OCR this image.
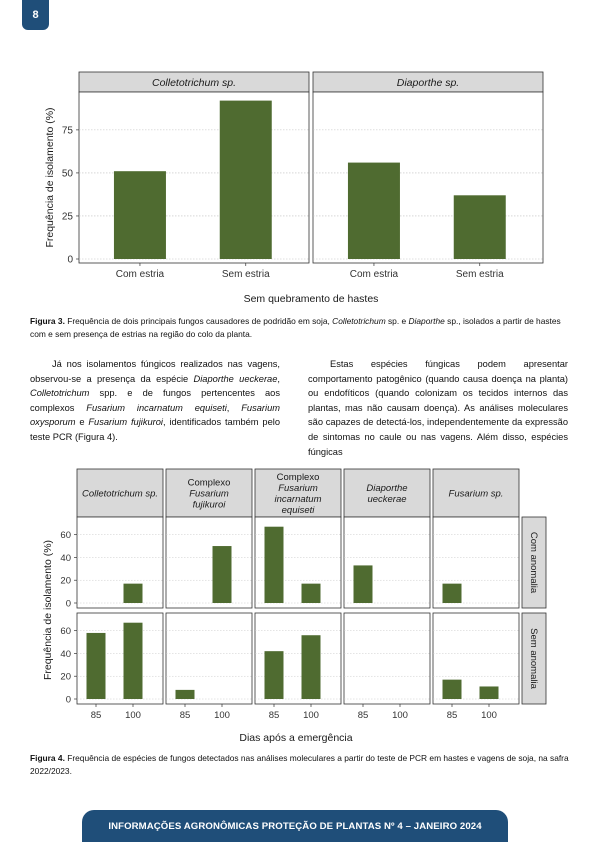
8
Colletotrichum sp.
Com estria	Sem estria
Diaporthe sp.
Com estria	Sem estria
0
25
50
75
Frequência de isolamento (%)
Sem quebramento de hastes
Figura 3. Frequência de dois principais fungos causadores de podridão em soja, Colletotrichum sp. e Diaporthe sp., isolados a partir de hastes com e sem presença de estrias na região do colo da planta.
Já nos isolamentos fúngicos realizados nas vagens, observou-se a presença da espécie Diaporthe ueckerae, Colletotrichum spp. e de fungos pertencentes aos complexos Fusarium incarnatum equiseti, Fusarium oxysporum e Fusarium fujikuroi, identificados também pelo teste PCR (Figura 4).
Estas espécies fúngicas podem apresentar comportamento patogênico (quando causa doença na planta) ou endofíticos (quando colonizam os tecidos internos das plantas, mas não causam doença). As análises moleculares são capazes de detectá-los, independentemente da expressão de sintomas no caule ou nas vagens. Além disso, espécies fúngicas
Colletotrichum sp.
Complexo
Fusarium
fujikuroi
Complexo
Fusarium
incarnatum
equiseti
Diaporthe
ueckerae	Fusarium sp.
Com anomalia
0
20
40
60
Sem anomalia
0
20
40
60
85	100	85	100	85	100	85	100	85	100
Frequência de isolamento (%)
Dias após a emergência
Figura 4. Frequência de espécies de fungos detectados nas análises moleculares a partir do teste de PCR em hastes e vagens de soja, na safra 2022/2023.
INFORMAÇÕES AGRONÔMICAS PROTEÇÃO DE PLANTAS Nº 4 – JANEIRO 2024
